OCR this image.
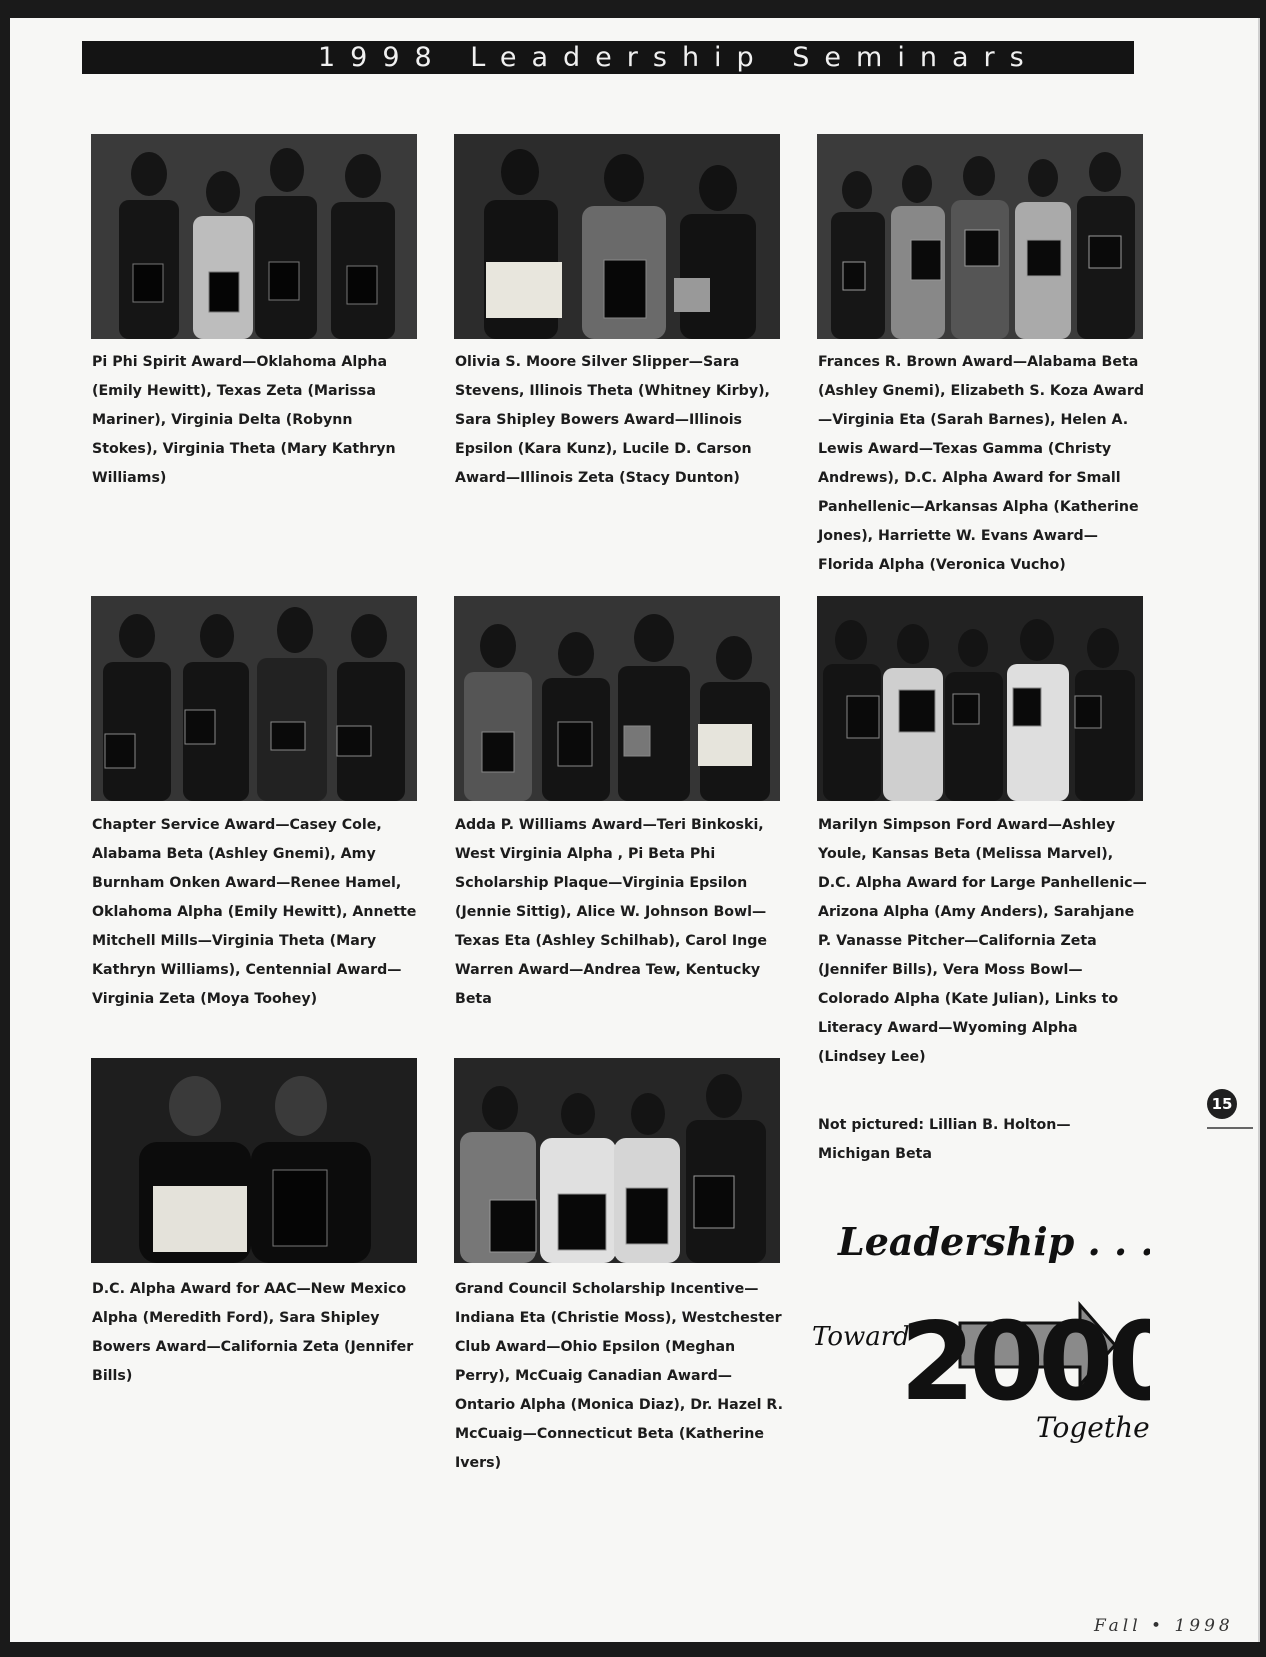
1998 Leadership Seminars
Pi Phi Spirit Award—Oklahoma Alpha (Emily Hewitt), Texas Zeta (Marissa Mariner), Virginia Delta (Robynn Stokes), Virginia Theta (Mary Kathryn Williams)
Olivia S. Moore Silver Slipper—Sara Stevens, Illinois Theta (Whitney Kirby), Sara Shipley Bowers Award—Illinois Epsilon (Kara Kunz), Lucile D. Carson Award—Illinois Zeta (Stacy Dunton)
Frances R. Brown Award—Alabama Beta (Ashley Gnemi), Elizabeth S. Koza Award—Virginia Eta (Sarah Barnes), Helen A. Lewis Award—Texas Gamma (Christy Andrews), D.C. Alpha Award for Small Panhellenic—Arkansas Alpha (Katherine Jones), Harriette W. Evans Award—Florida Alpha (Veronica Vucho)
Chapter Service Award—Casey Cole, Alabama Beta (Ashley Gnemi), Amy Burnham Onken Award—Renee Hamel, Oklahoma Alpha (Emily Hewitt), Annette Mitchell Mills—Virginia Theta (Mary Kathryn Williams), Centennial Award—Virginia Zeta (Moya Toohey)
Adda P. Williams Award—Teri Binkoski, West Virginia Alpha , Pi Beta Phi Scholarship Plaque—Virginia Epsilon (Jennie Sittig), Alice W. Johnson Bowl—Texas Eta (Ashley Schilhab), Carol Inge Warren Award—Andrea Tew, Kentucky Beta
Marilyn Simpson Ford Award—Ashley Youle, Kansas Beta (Melissa Marvel), D.C. Alpha Award for Large Panhellenic—Arizona Alpha (Amy Anders), Sarahjane P. Vanasse Pitcher—California Zeta (Jennifer Bills), Vera Moss Bowl—Colorado Alpha (Kate Julian), Links to Literacy Award—Wyoming Alpha (Lindsey Lee)
D.C. Alpha Award for AAC—New Mexico Alpha (Meredith Ford), Sara Shipley Bowers Award—California Zeta (Jennifer Bills)
Grand Council Scholarship Incentive—Indiana Eta (Christie Moss), Westchester Club Award—Ohio Epsilon (Meghan Perry), McCuaig Canadian Award—Ontario Alpha (Monica Diaz), Dr. Hazel R. McCuaig—Connecticut Beta (Katherine Ivers)
Not pictured: Lillian B. Holton—Michigan Beta
15
Leadership . . .
Toward
2000
Togethe
Fall • 1998
